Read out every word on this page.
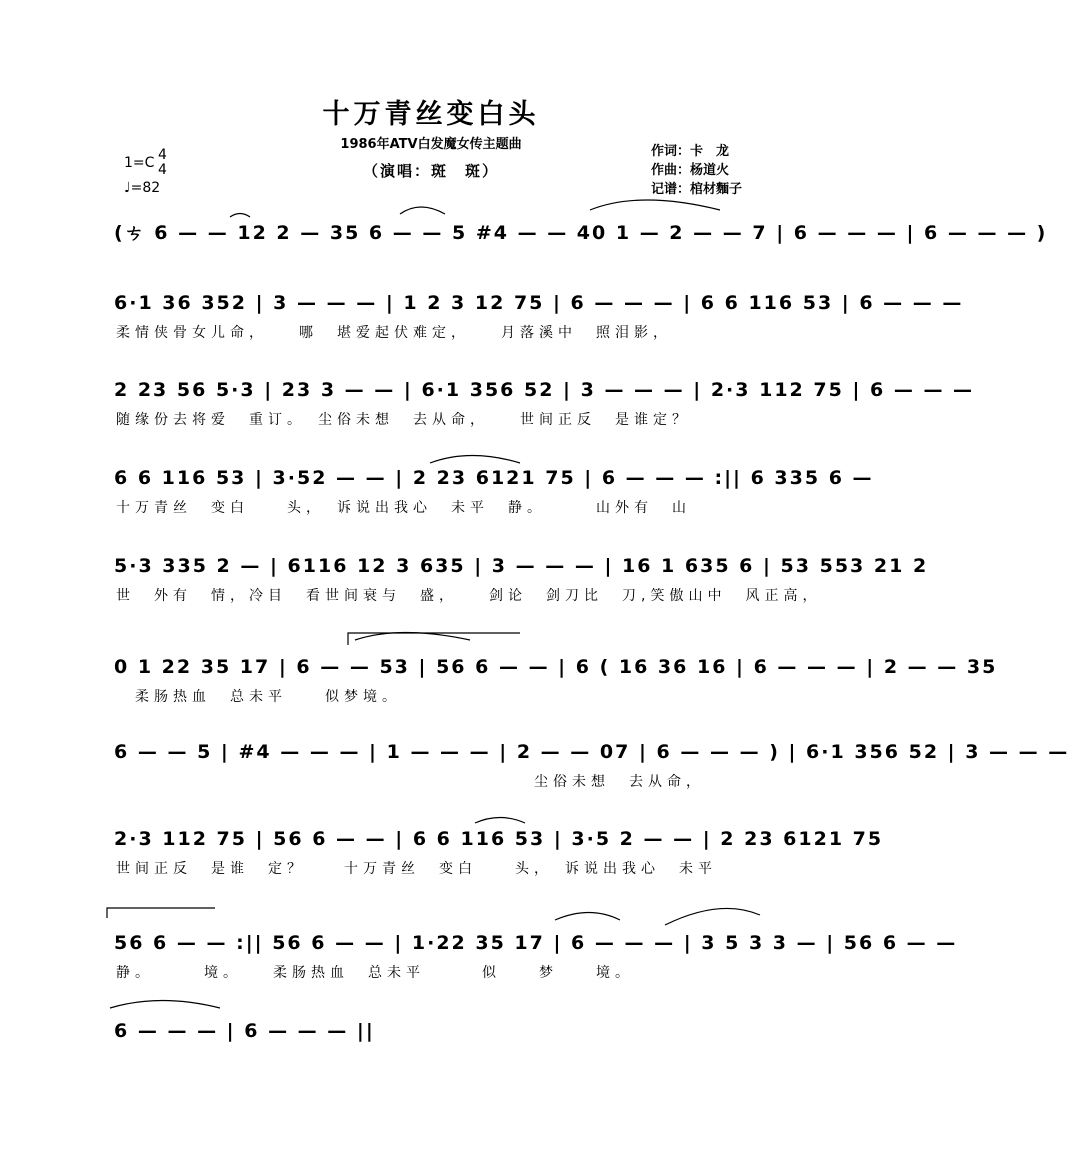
十万青丝变白头
1986年ATV白发魔女传主题曲
（演唱：斑　斑）
作词：卡　龙
作曲：杨道火
记谱：棺材麵子
1=C 4
4
♩=82
(ㄘ 6 — — 12 2 — 35 6 — — 5 #4 — — 40 1 — 2 — — 7 | 6 — — — | 6 — — — )
6·1 36 352 | 3 — — — | 1 2 3 12 75 | 6 — — — | 6 6 116 53 | 6 — — —
柔情侠骨女儿命，　　哪　堪爱起伏难定，　　月落溪中　照泪影，
2 23 56 5·3 | 23 3 — — | 6·1 356 52 | 3 — — — | 2·3 112 75 | 6 — — —
随缘份去将爱　重订。　尘俗未想　去从命，　　世间正反　是谁定？
6 6 116 53 | 3·52 — — | 2 23 6121 75 | 6 — — — :|| 6 335 6 —
十万青丝　变白　　头，　诉说出我心　未平　静。　　　山外有　山
5·3 335 2 — | 6116 12 3 635 | 3 — — — | 16 1 635 6 | 53 553 21 2
世　外有　情，冷目　看世间衰与　盛，　　剑论　剑刀比　刀,笑傲山中　风正高，
0 1 22 35 17 | 6 — — 53 | 56 6 — — | 6 ( 16 36 16 | 6 — — — | 2 — — 35
　柔肠热血　总未平　　似梦境。
6 — — 5 | #4 — — — | 1 — — — | 2 — — 07 | 6 — — — ) | 6·1 356 52 | 3 — — —
　　　　　　　　　　　　　　　　　　　　　　尘俗未想　去从命，
2·3 112 75 | 56 6 — — | 6 6 116 53 | 3·5 2 — — | 2 23 6121 75
世间正反　是谁　定？　　十万青丝　变白　　头，　诉说出我心　未平
56 6 — — :|| 56 6 — — | 1·22 35 17 | 6 — — — | 3 5 3 3 — | 56 6 — —
静。　　　境。　　柔肠热血　总未平　　　似　　梦　　境。
6 — — — | 6 — — — ||
